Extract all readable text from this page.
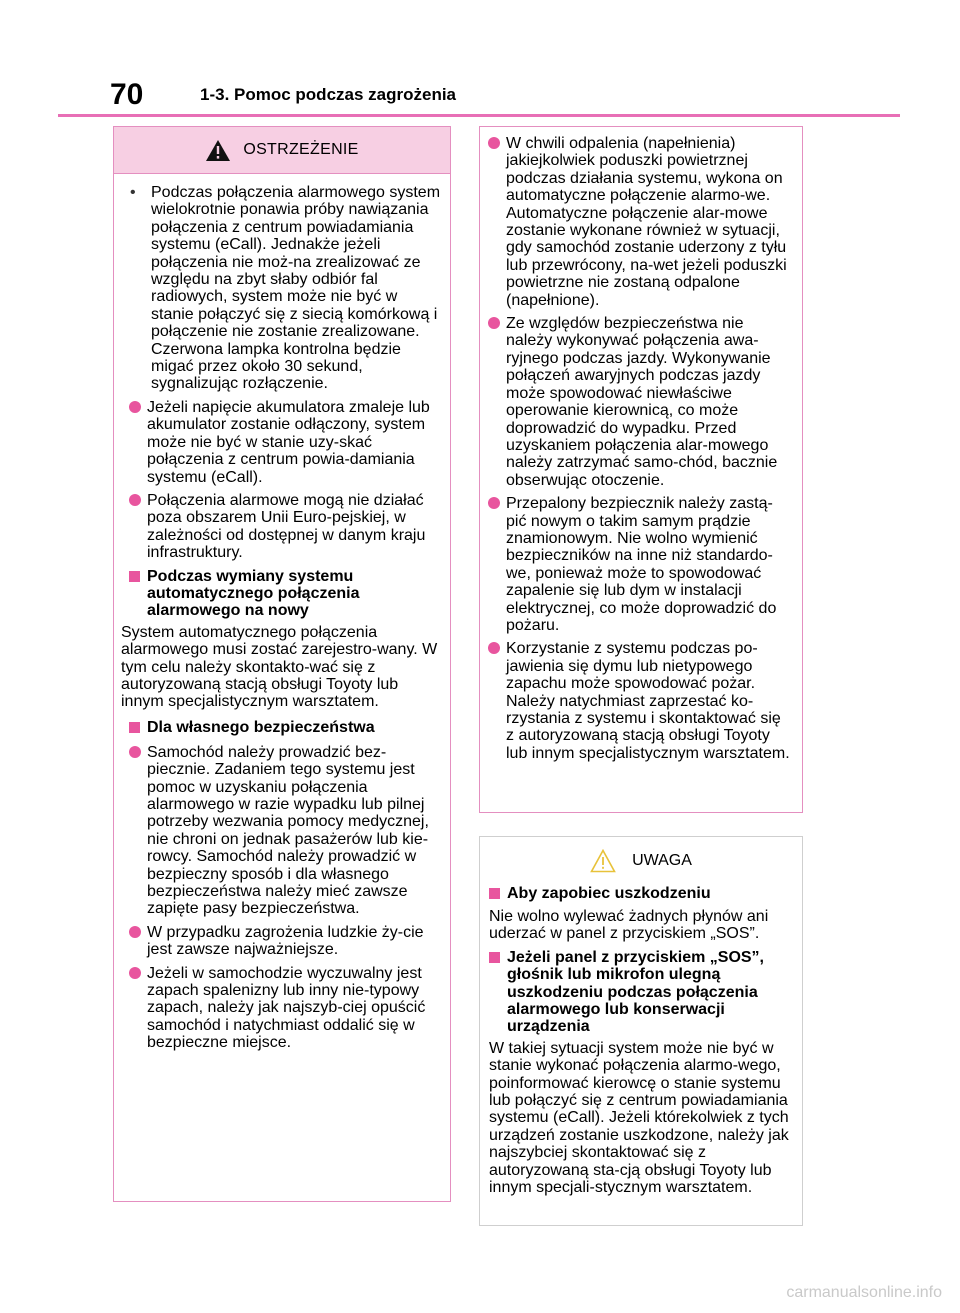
70	1-3. Pomoc podczas zagrożenia
OSTRZEŻENIE
• Podczas połączenia alarmowego system wielokrotnie ponawia próby nawiązania połączenia z centrum powiadamiania systemu (eCall). Jednakże jeżeli połączenia nie moż-na zrealizować ze względu na zbyt słaby odbiór fal radiowych, system może nie być w stanie połączyć się z siecią komórkową i połączenie nie zostanie zrealizowane. Czerwona lampka kontrolna będzie migać przez około 30 sekund, sygnalizując rozłączenie.
Jeżeli napięcie akumulatora zmaleje lub akumulator zostanie odłączony, system może nie być w stanie uzy-skać połączenia z centrum powia-damiania systemu (eCall).
Połączenia alarmowe mogą nie działać poza obszarem Unii Euro-pejskiej, w zależności od dostępnej w danym kraju infrastruktury.
Podczas wymiany systemu automatycznego połączenia alarmowego na nowy

System automatycznego połączenia alarmowego musi zostać zarejestro-wany. W tym celu należy skontakto-wać się z autoryzowaną stacją obsługi Toyoty lub innym specjalistycznym warsztatem.

Dla własnego bezpieczeństwa
Samochód należy prowadzić bez-piecznie. Zadaniem tego systemu jest pomoc w uzyskaniu połączenia alarmowego w razie wypadku lub pilnej potrzeby wezwania pomocy medycznej, nie chroni on jednak pasażerów lub kie-rowcy. Samochód należy prowadzić w bezpieczny sposób i dla własnego bezpieczeństwa należy mieć zawsze zapięte pasy bezpieczeństwa.
W przypadku zagrożenia ludzkie ży-cie jest zawsze najważniejsze.
Jeżeli w samochodzie wyczuwalny jest zapach spalenizny lub inny nie-typowy zapach, należy jak najszyb-ciej opuścić samochód i natychmiast oddalić się w bezpieczne miejsce.
W chwili odpalenia (napełnienia) jakiejkolwiek poduszki powietrznej podczas działania systemu, wykona on automatyczne połączenie alarmo-we. Automatyczne połączenie alar-mowe zostanie wykonane również w sytuacji, gdy samochód zostanie uderzony z tyłu lub przewrócony, na-wet jeżeli poduszki powietrzne nie zostaną odpalone (napełnione).
Ze względów bezpieczeństwa nie należy wykonywać połączenia awa-ryjnego podczas jazdy. Wykonywanie połączeń awaryjnych podczas jazdy może spowodować niewłaściwe operowanie kierownicą, co może doprowadzić do wypadku. Przed uzyskaniem połączenia alar-mowego należy zatrzymać samo-chód, bacznie obserwując otoczenie.
Przepalony bezpiecznik należy zastą-pić nowym o takim samym prądzie znamionowym. Nie wolno wymienić bezpieczników na inne niż standardo-we, ponieważ może to spowodować zapalenie się lub dym w instalacji elektrycznej, co może doprowadzić do pożaru.
Korzystanie z systemu podczas po-jawienia się dymu lub nietypowego zapachu może spowodować pożar. Należy natychmiast zaprzestać ko-rzystania z systemu i skontaktować się z autoryzowaną stacją obsługi Toyoty lub innym specjalistycznym warsztatem.
UWAGA
Aby zapobiec uszkodzeniu

Nie wolno wylewać żadnych płynów ani uderzać w panel z przyciskiem „SOS”.

Jeżeli panel z przyciskiem „SOS”, głośnik lub mikrofon ulegną uszkodzeniu podczas połączenia alarmowego lub konserwacji urządzenia

W takiej sytuacji system może nie być w stanie wykonać połączenia alarmo-wego, poinformować kierowcę o stanie systemu lub połączyć się z centrum powiadamiania systemu (eCall). Jeżeli którekolwiek z tych urządzeń zostanie uszkodzone, należy jak najszybciej skontaktować się z autoryzowaną sta-cją obsługi Toyoty lub innym specjali-stycznym warsztatem.

carmanualsonline.info
